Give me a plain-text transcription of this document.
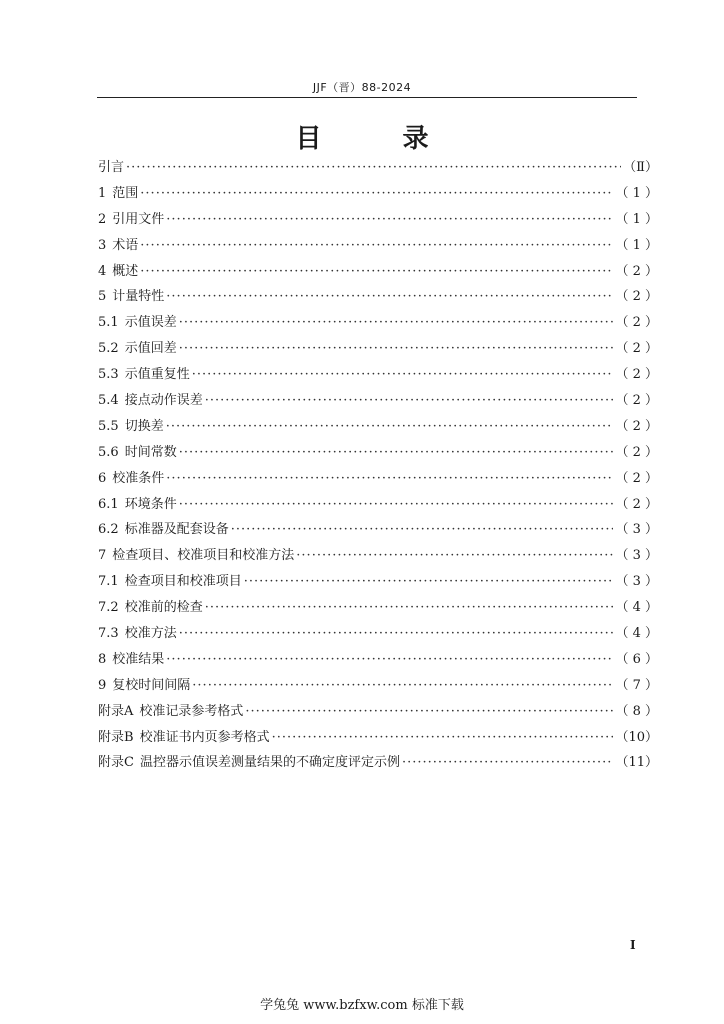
JJF（晋）88-2024
目 录
引言 ·····	（Ⅱ）
1 范围 ·····	（ 1 ）
2 引用文件 ·····	（ 1 ）
3 术语 ·····	（ 1 ）
4 概述 ·····	（ 2 ）
5 计量特性 ·····	（ 2 ）
5.1 示值误差 ·····	（ 2 ）
5.2 示值回差 ·····	（ 2 ）
5.3 示值重复性 ·····	（ 2 ）
5.4 接点动作误差 ·····	（ 2 ）
5.5 切换差 ·····	（ 2 ）
5.6 时间常数 ·····	（ 2 ）
6 校准条件 ·····	（ 2 ）
6.1 环境条件 ·····	（ 2 ）
6.2 标准器及配套设备 ·····	（ 3 ）
7 检查项目、校准项目和校准方法 ·····	（ 3 ）
7.1 检查项目和校准项目 ·····	（ 3 ）
7.2 校准前的检查 ·····	（ 4 ）
7.3 校准方法 ·····	（ 4 ）
8 校准结果 ·····	（ 6 ）
9 复校时间间隔 ·····	（ 7 ）
附录A 校准记录参考格式 ·····	（ 8 ）
附录B 校准证书内页参考格式 ·····	（10）
附录C 温控器示值误差测量结果的不确定度评定示例 ·····	（11）
I
学兔兔 www.bzfxw.com 标准下载
